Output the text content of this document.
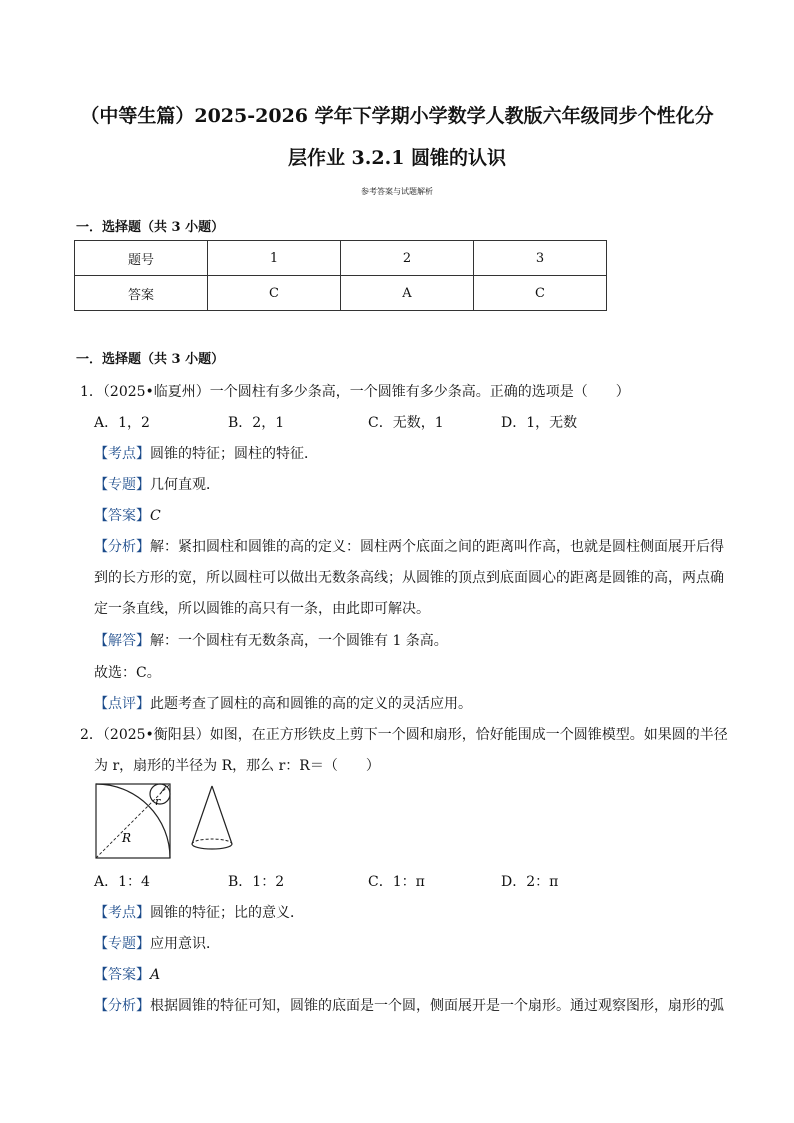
（中等生篇）2025-2026 学年下学期小学数学人教版六年级同步个性化分
层作业 3.2.1 圆锥的认识
参考答案与试题解析
一．选择题（共 3 小题）
题号	1	2	3
答案	C	A	C
一．选择题（共 3 小题）
1．（2025•临夏州）一个圆柱有多少条高，一个圆锥有多少条高。正确的选项是（　　）
A．1，2	B．2，1	C．无数，1	D．1，无数
【考点】圆锥的特征；圆柱的特征．
【专题】几何直观．
【答案】C
【分析】解：紧扣圆柱和圆锥的高的定义：圆柱两个底面之间的距离叫作高，也就是圆柱侧面展开后得
到的长方形的宽，所以圆柱可以做出无数条高线；从圆锥的顶点到底面圆心的距离是圆锥的高，两点确
定一条直线，所以圆锥的高只有一条，由此即可解决。
【解答】解：一个圆柱有无数条高，一个圆锥有 1 条高。
故选：C。
【点评】此题考查了圆柱的高和圆锥的高的定义的灵活应用。
2．（2025•衡阳县）如图，在正方形铁皮上剪下一个圆和扇形，恰好能围成一个圆锥模型。如果圆的半径
为 r，扇形的半径为 R，那么 r：R＝（　　）
r
R
A．1：4	B．1：2	C．1：π	D．2：π
【考点】圆锥的特征；比的意义．
【专题】应用意识．
【答案】A
【分析】根据圆锥的特征可知，圆锥的底面是一个圆，侧面展开是一个扇形。通过观察图形，扇形的弧
